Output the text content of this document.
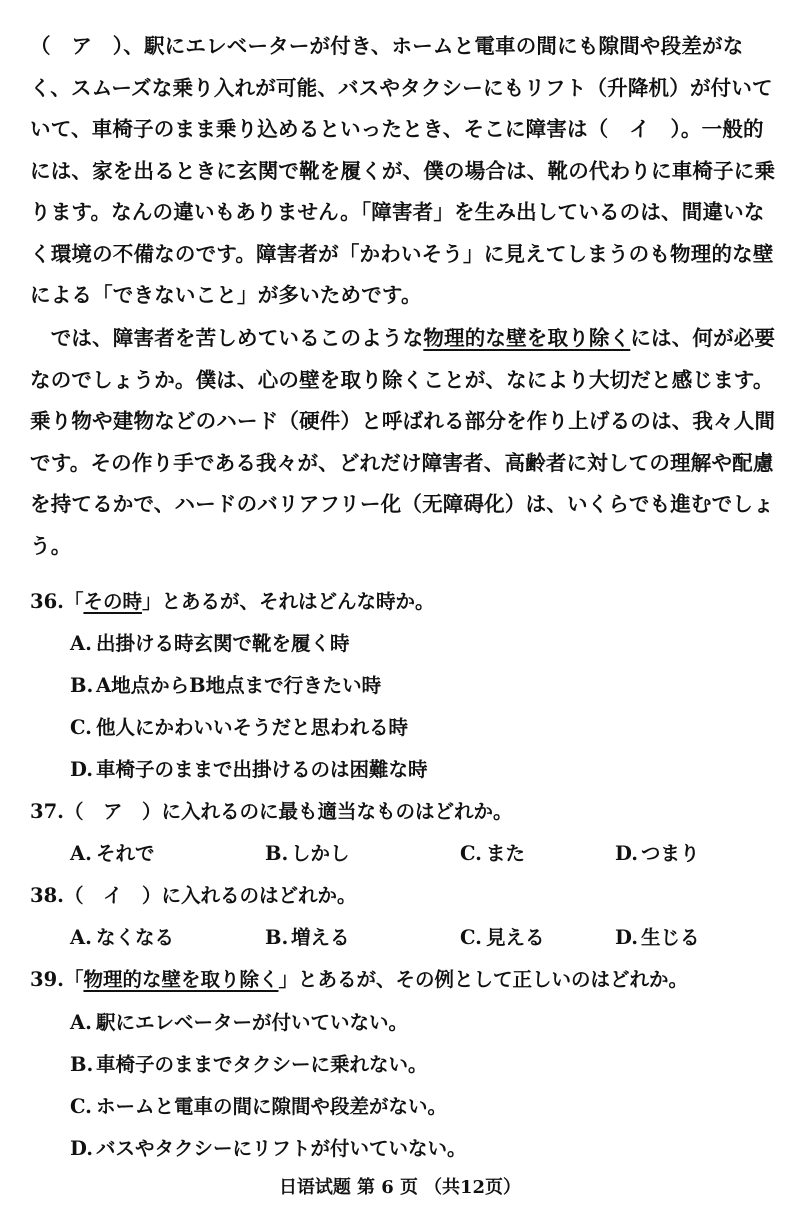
（　ア　）、駅にエレベーターが付き、ホームと電車の間にも隙間や段差がなく、スムーズな乗り入れが可能、バスやタクシーにもリフト（升降机）が付いていて、車椅子のまま乗り込めるといったとき、そこに障害は（　イ　）。一般的には、家を出るときに玄関で靴を履くが、僕の場合は、靴の代わりに車椅子に乗ります。なんの違いもありません。「障害者」を生み出しているのは、間違いなく環境の不備なのです。障害者が「かわいそう」に見えてしまうのも物理的な壁による「できないこと」が多いためです。

　では、障害者を苦しめているこのような物理的な壁を取り除くには、何が必要なのでしょうか。僕は、心の壁を取り除くことが、なにより大切だと感じます。乗り物や建物などのハード（硬件）と呼ばれる部分を作り上げるのは、我々人間です。その作り手である我々が、どれだけ障害者、高齢者に対しての理解や配慮を持てるかで、ハードのバリアフリー化（无障碍化）は、いくらでも進むでしょう。

36.「その時」とあるが、それはどんな時か。
A. 出掛ける時玄関で靴を履く時
B. A地点からB地点まで行きたい時
C. 他人にかわいいそうだと思われる時
D. 車椅子のままで出掛けるのは困難な時
37.（　ア　）に入れるのに最も適当なものはどれか。
A. それで	B. しかし	C. また	D. つまり
38.（　イ　）に入れるのはどれか。
A. なくなる	B. 増える	C. 見える	D. 生じる
39.「物理的な壁を取り除く」とあるが、その例として正しいのはどれか。
A. 駅にエレベーターが付いていない。
B. 車椅子のままでタクシーに乗れない。
C. ホームと電車の間に隙間や段差がない。
D. バスやタクシーにリフトが付いていない。
日语试题 第 6 页 （共12页）
